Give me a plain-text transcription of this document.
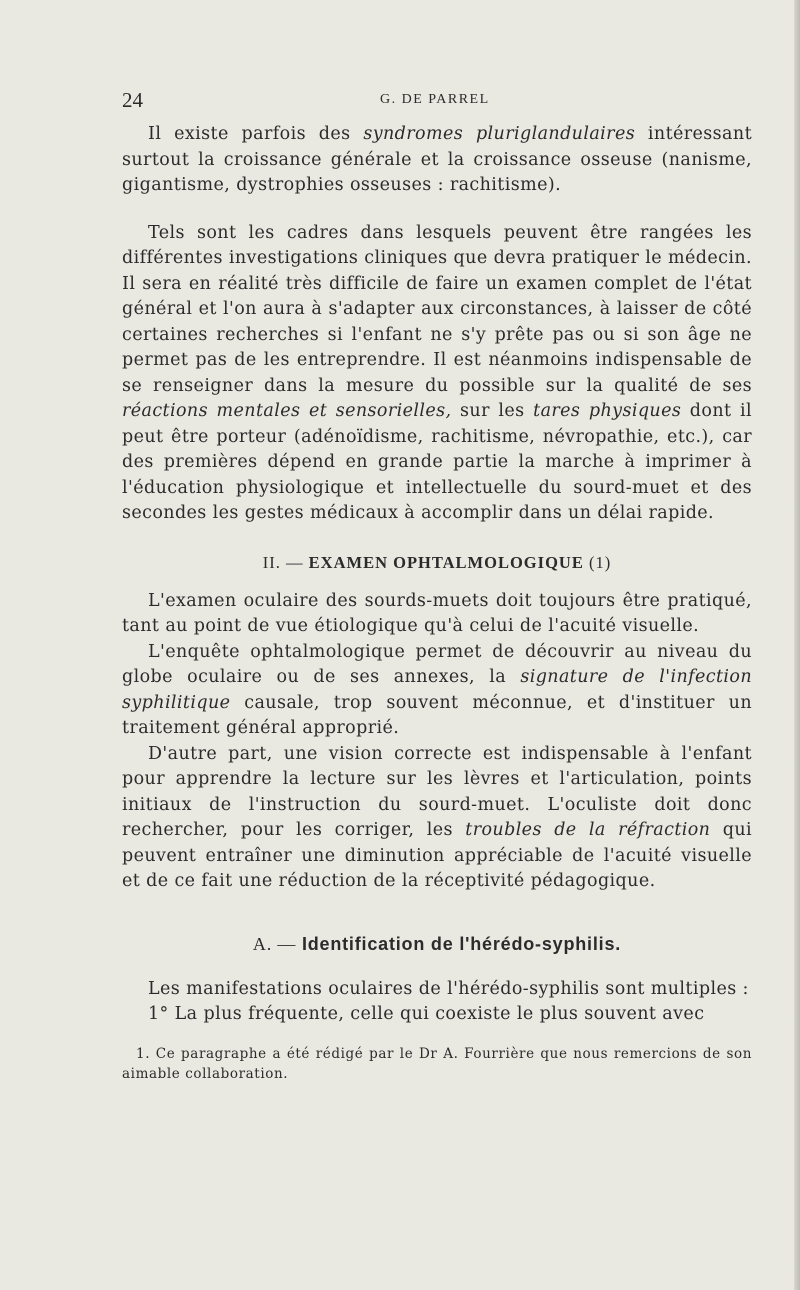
24	G. DE PARREL

Il existe parfois des syndromes pluriglandulaires intéressant surtout la croissance générale et la croissance osseuse (nanisme, gigantisme, dystrophies osseuses : rachitisme).

Tels sont les cadres dans lesquels peuvent être rangées les différentes investigations cliniques que devra pratiquer le médecin. Il sera en réalité très difficile de faire un examen complet de l'état général et l'on aura à s'adapter aux circonstances, à laisser de côté certaines recherches si l'enfant ne s'y prête pas ou si son âge ne permet pas de les entreprendre. Il est néanmoins indispensable de se renseigner dans la mesure du possible sur la qualité de ses réactions mentales et sensorielles, sur les tares physiques dont il peut être porteur (adénoïdisme, rachitisme, névropathie, etc.), car des premières dépend en grande partie la marche à imprimer à l'éducation physiologique et intellectuelle du sourd-muet et des secondes les gestes médicaux à accomplir dans un délai rapide.

II. — EXAMEN OPHTALMOLOGIQUE (1)

L'examen oculaire des sourds-muets doit toujours être pratiqué, tant au point de vue étiologique qu'à celui de l'acuité visuelle.

L'enquête ophtalmologique permet de découvrir au niveau du globe oculaire ou de ses annexes, la signature de l'infection syphilitique causale, trop souvent méconnue, et d'instituer un traitement général approprié.

D'autre part, une vision correcte est indispensable à l'enfant pour apprendre la lecture sur les lèvres et l'articulation, points initiaux de l'instruction du sourd-muet. L'oculiste doit donc rechercher, pour les corriger, les troubles de la réfraction qui peuvent entraîner une diminution appréciable de l'acuité visuelle et de ce fait une réduction de la réceptivité pédagogique.

A. — Identification de l'hérédo-syphilis.

Les manifestations oculaires de l'hérédo-syphilis sont multiples :

1° La plus fréquente, celle qui coexiste le plus souvent avec

1. Ce paragraphe a été rédigé par le Dr A. Fourrière que nous remercions de son aimable collaboration.
